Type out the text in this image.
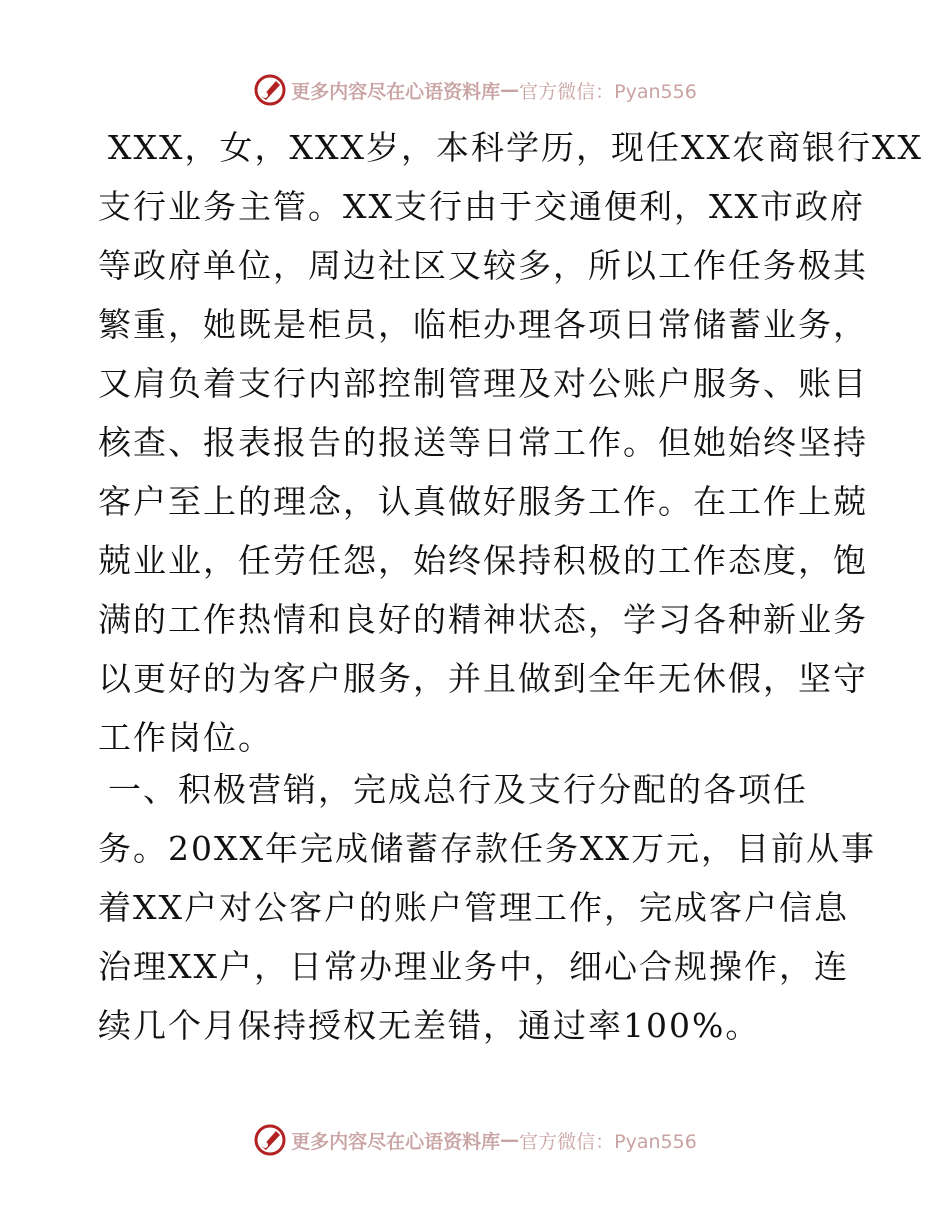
更多内容尽在心语资料库 — 官方微信：Pyan556
XXX，女，XXX岁，本科学历，现任XX农商银行XX
支行业务主管。XX支行由于交通便利，XX市政府
等政府单位，周边社区又较多，所以工作任务极其
繁重，她既是柜员，临柜办理各项日常储蓄业务，
又肩负着支行内部控制管理及对公账户服务、账目
核查、报表报告的报送等日常工作。但她始终坚持
客户至上的理念，认真做好服务工作。在工作上兢
兢业业，任劳任怨，始终保持积极的工作态度，饱
满的工作热情和良好的精神状态，学习各种新业务
以更好的为客户服务，并且做到全年无休假，坚守
工作岗位。
一、积极营销，完成总行及支行分配的各项任
务。20XX年完成储蓄存款任务XX万元，目前从事
着XX户对公客户的账户管理工作，完成客户信息
治理XX户，日常办理业务中，细心合规操作，连
续几个月保持授权无差错，通过率100%。
更多内容尽在心语资料库 — 官方微信：Pyan556
